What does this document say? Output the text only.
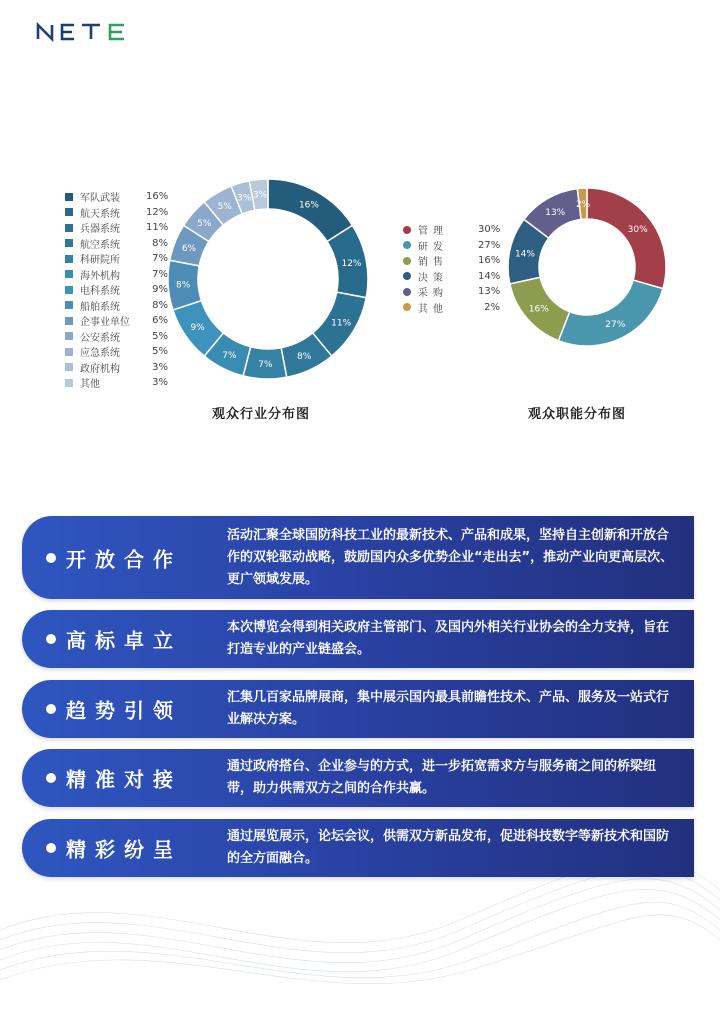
NETE
军队武装	16%
航天系统	12%
兵器系统	11%
航空系统	8%
科研院所	7%
海外机构	7%
电科系统	9%
船舶系统	8%
企事业单位	6%
公安系统	5%
应急系统	5%
政府机构	3%
其他	3%
16%
12%
11%
8%
7%
7%
9%
8%
6%
5%
5%
3% 3%
观众行业分布图
管理	30%
研发	27%
销售	16%
决策	14%
采购	13%
其他	2%
30%
27%
16%
14%
13%
2%
观众职能分布图
开放合作
活动汇聚全球国防科技工业的最新技术、产品和成果，坚持自主创新和开放合作的双轮驱动战略，鼓励国内众多优势企业“走出去”，推动产业向更高层次、更广领域发展。
高标卓立
本次博览会得到相关政府主管部门、及国内外相关行业协会的全力支持，旨在打造专业的产业链盛会。
趋势引领
汇集几百家品牌展商，集中展示国内最具前瞻性技术、产品、服务及一站式行业解决方案。
精准对接
通过政府搭台、企业参与的方式，进一步拓宽需求方与服务商之间的桥梁纽带，助力供需双方之间的合作共赢。
精彩纷呈
通过展览展示，论坛会议，供需双方新品发布，促进科技数字等新技术和国防的全方面融合。
